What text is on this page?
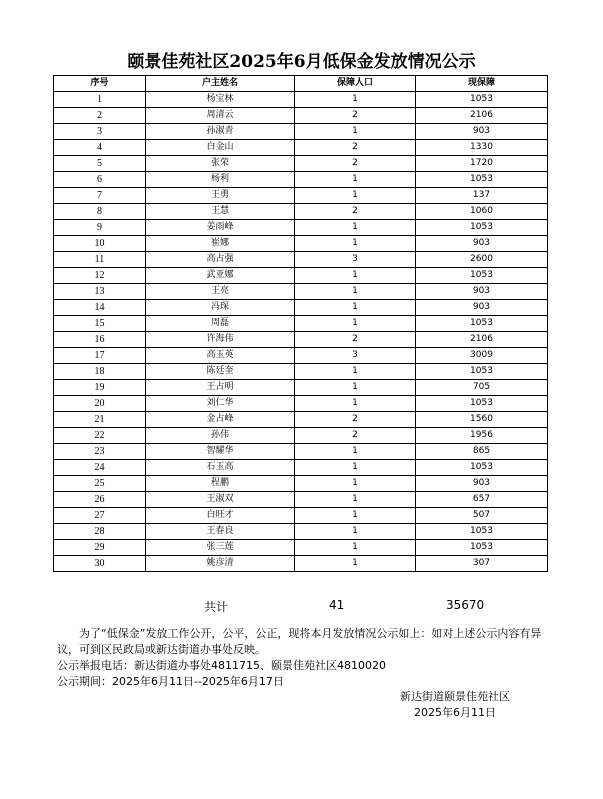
颐景佳苑社区2025年6月低保金发放情况公示
序号	户主姓名	保障人口	现保障
1	杨宝林	1	1053
2	周清云	2	2106
3	孙淑青	1	903
4	白金山	2	1330
5	张荣	2	1720
6	杨利	1	1053
7	王勇	1	137
8	王慧	2	1060
9	姜雨峰	1	1053
10	崔娜	1	903
11	高占强	3	2600
12	武亚娜	1	1053
13	王亮	1	903
14	冯琛	1	903
15	周磊	1	1053
16	许海伟	2	2106
17	高玉英	3	3009
18	陈廷奎	1	1053
19	王占明	1	705
20	刘仁华	1	1053
21	金占峰	2	1560
22	孙伟	2	1956
23	智耀华	1	865
24	石玉高	1	1053
25	程鹏	1	903
26	王淑双	1	657
27	白旺才	1	507
28	王春良	1	1053
29	张三莲	1	1053
30	姚彦清	1	307
共计	41	35670

为了“低保金”发放工作公开，公平，公正，现将本月发放情况公示如上：如对上述公示内容有异议，可到区民政局或新达街道办事处反映。

公示举报电话：新达街道办事处4811715、颐景佳苑社区4810020

公示期间：2025年6月11日--2025年6月17日

新达街道颐景佳苑社区
2025年6月11日
